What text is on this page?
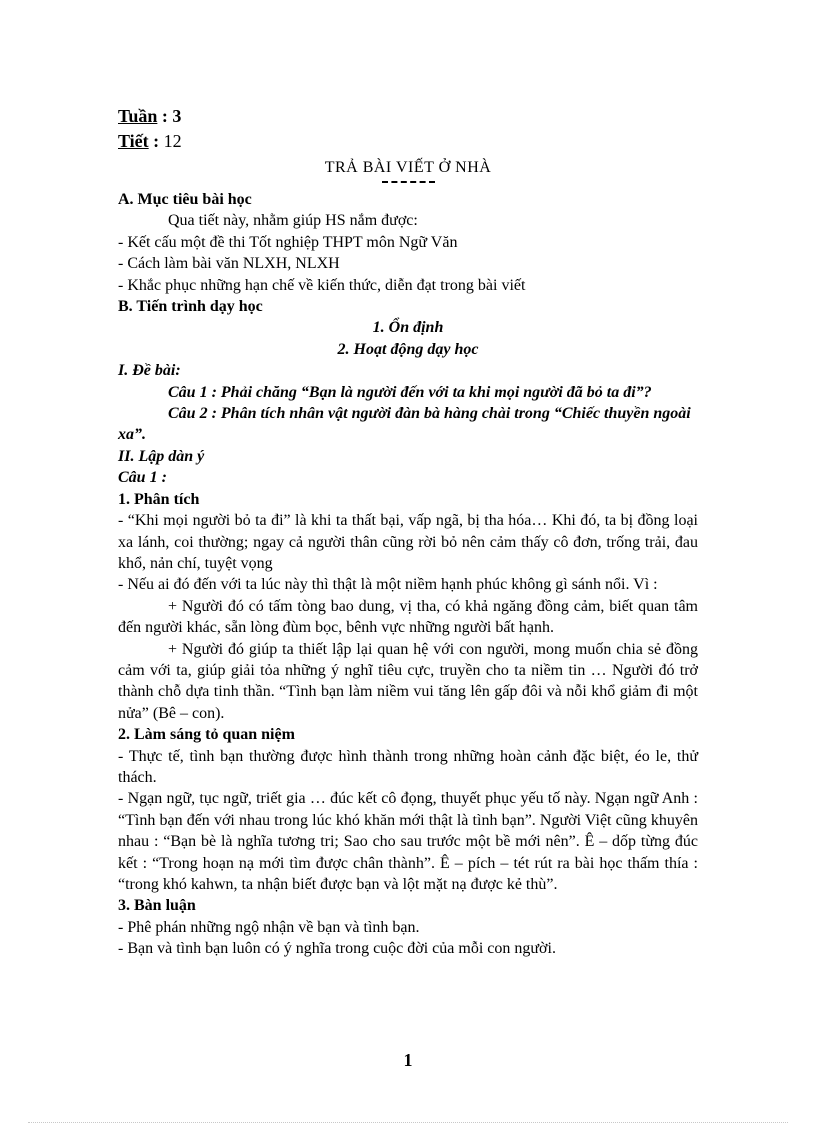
Tuần : 3
Tiết : 12
TRẢ BÀI VIẾT Ở NHÀ

A. Mục tiêu bài học

Qua tiết này, nhằm giúp HS nắm được:

- Kết cấu một đề thi Tốt nghiệp THPT môn Ngữ Văn

- Cách làm bài văn NLXH, NLXH

- Khắc phục những hạn chế về kiến thức, diễn đạt trong bài viết

B. Tiến trình dạy học

1. Ổn định

2. Hoạt động dạy học

I. Đề bài:

Câu 1 : Phải chăng “Bạn là người đến với ta khi mọi người đã bỏ ta đi”?

Câu 2 : Phân tích nhân vật người đàn bà hàng chài trong “Chiếc thuyền ngoài xa”.

II. Lập dàn ý

Câu 1 :

1. Phân tích

- “Khi mọi người bỏ ta đi” là khi ta thất bại, vấp ngã, bị tha hóa… Khi đó, ta bị đồng loại xa lánh, coi thường; ngay cả người thân cũng rời bỏ nên cảm thấy cô đơn, trống trải, đau khổ, nản chí, tuyệt vọng

- Nếu ai đó đến với ta lúc này thì thật là một niềm hạnh phúc không gì sánh nổi. Vì :

+ Người đó có tấm tòng bao dung, vị tha, có khả ngăng đồng cảm, biết quan tâm đến người khác, sẵn lòng đùm bọc, bênh vực những người bất hạnh.

+ Người đó giúp ta thiết lập lại quan hệ với con người, mong muốn chia sẻ đồng cảm với ta, giúp giải tỏa những ý nghĩ tiêu cực, truyền cho ta niềm tin … Người đó trở thành chỗ dựa tinh thần. “Tình bạn làm niềm vui tăng lên gấp đôi và nỗi khổ giảm đi một nửa” (Bê – con).

2. Làm sáng tỏ quan niệm

- Thực tế, tình bạn thường được hình thành trong những hoàn cảnh đặc biệt, éo le, thử thách.

- Ngạn ngữ, tục ngữ, triết gia … đúc kết cô đọng, thuyết phục yếu tố này. Ngạn ngữ Anh : “Tình bạn đến với nhau trong lúc khó khăn mới thật là tình bạn”. Người Việt cũng khuyên nhau : “Bạn bè là nghĩa tương tri; Sao cho sau trước một bề mới nên”. Ê – dốp từng đúc kết : “Trong hoạn nạ mới tìm được chân thành”. Ê – pích – tét rút ra bài học thấm thía : “trong khó kahwn, ta nhận biết được bạn và lột mặt nạ được kẻ thù”.

3. Bàn luận

- Phê phán những ngộ nhận về bạn và tình bạn.

- Bạn và tình bạn luôn có ý nghĩa trong cuộc đời của mỗi con người.

1
